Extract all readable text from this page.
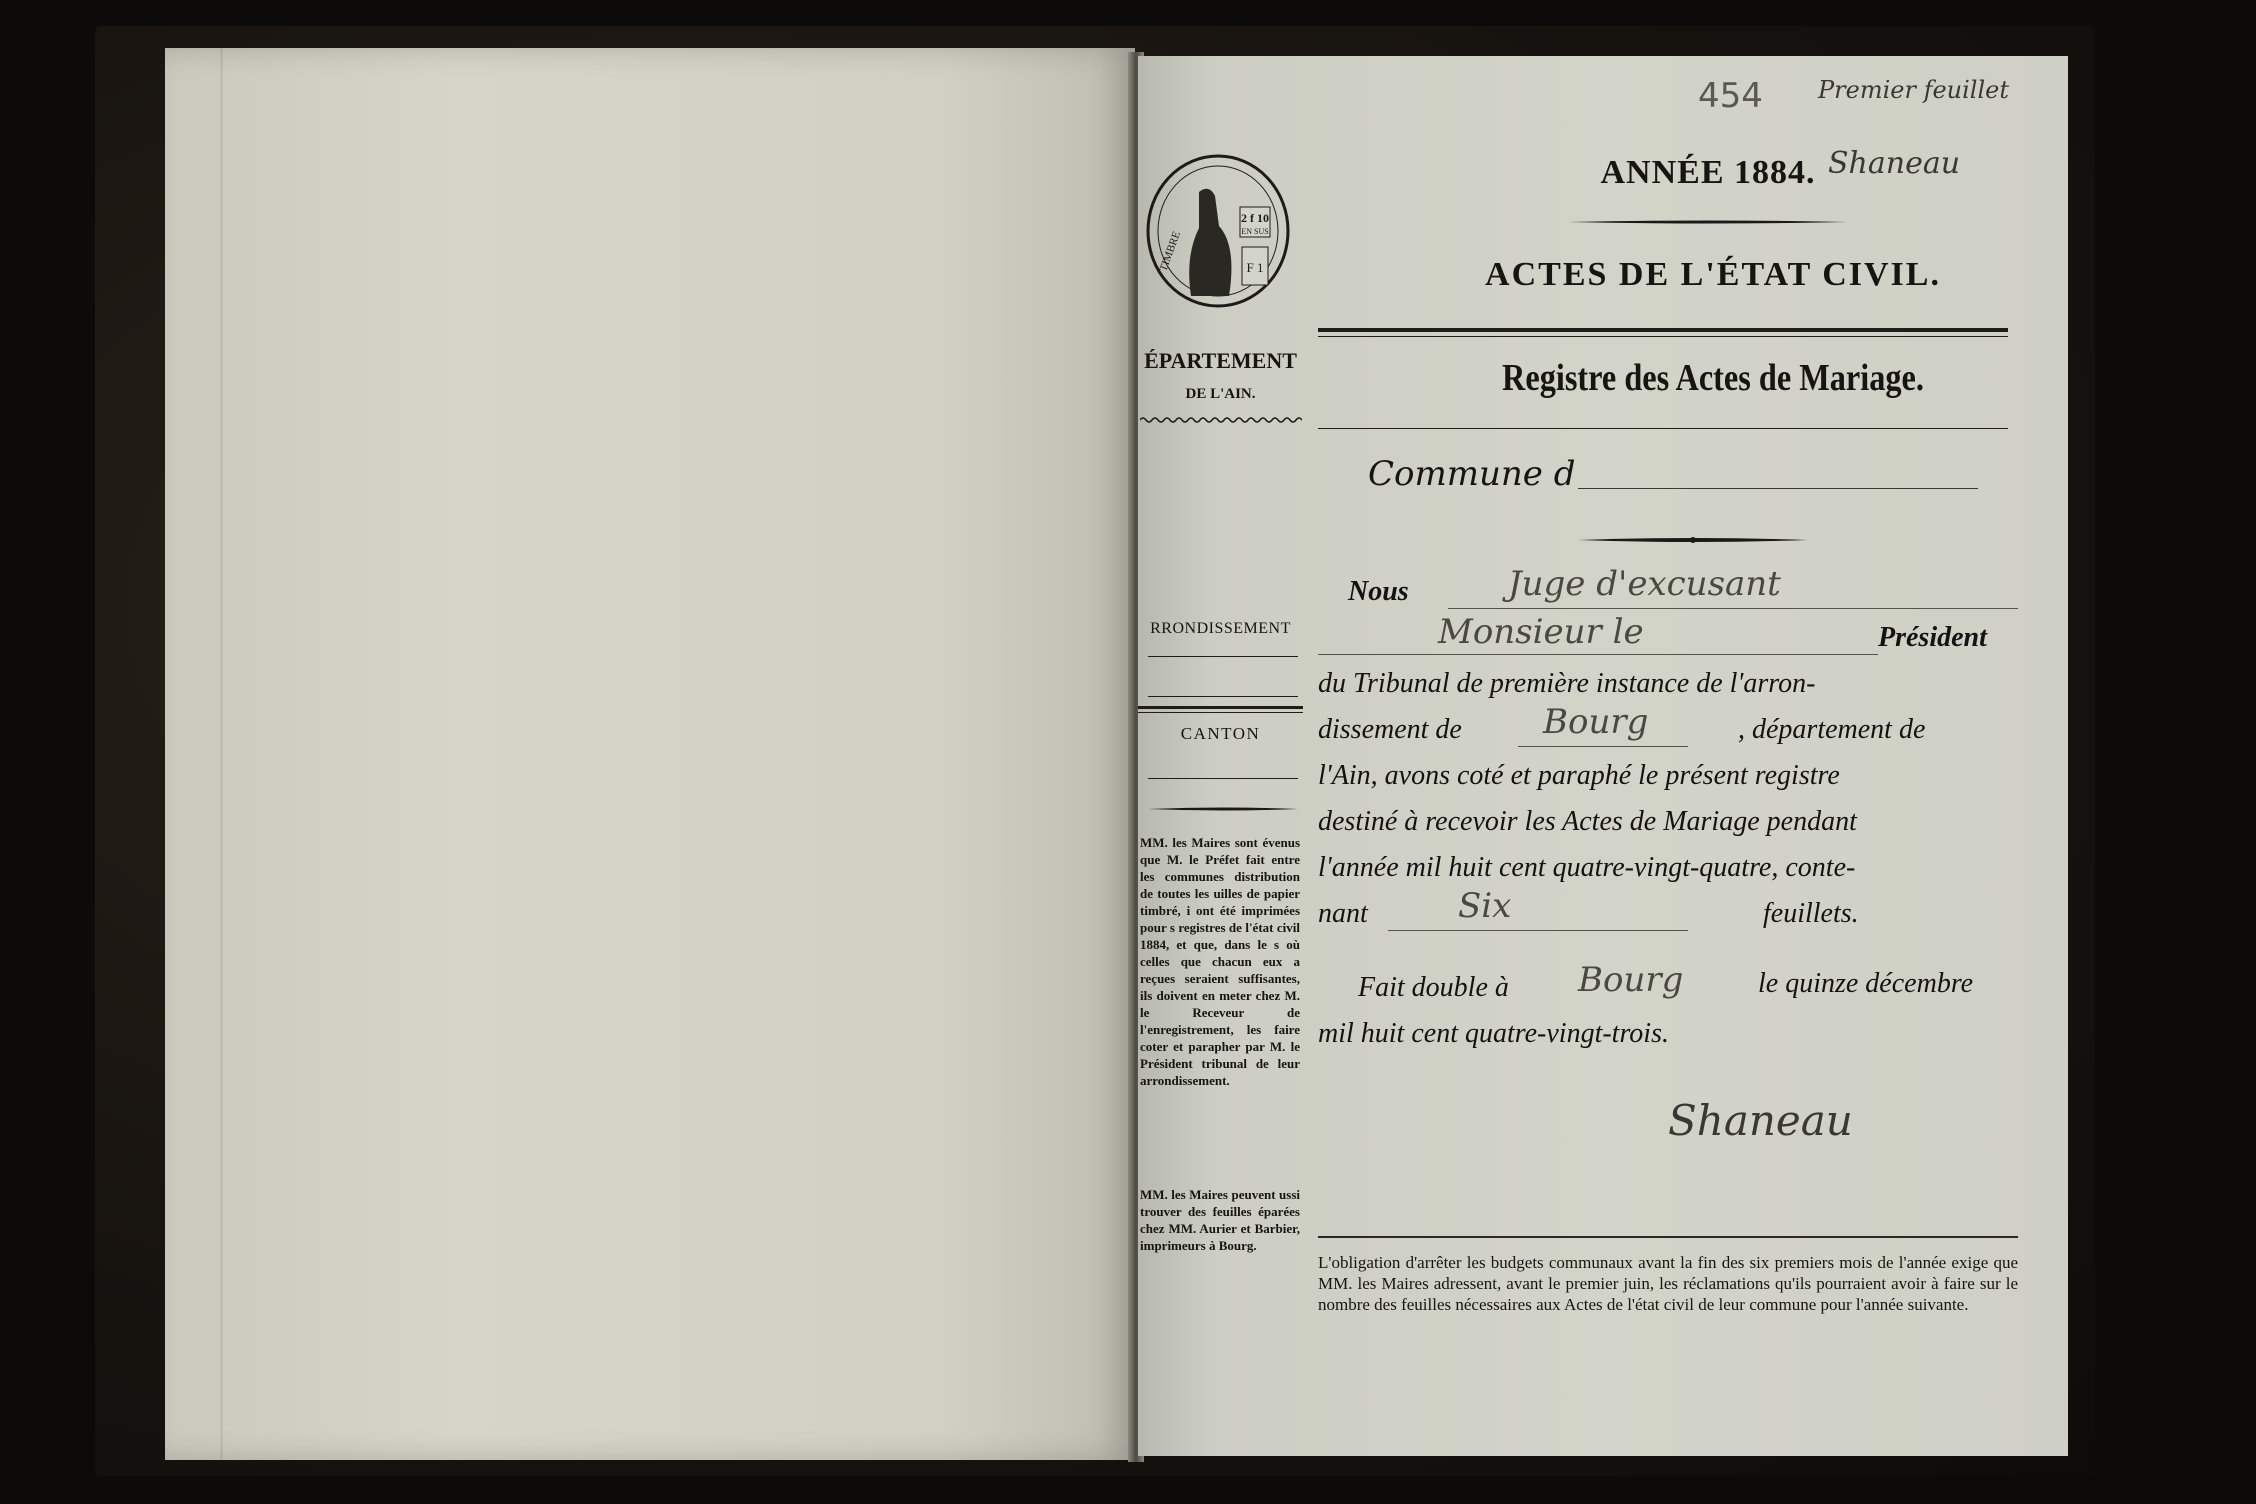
454 Premier feuillet
Shaneau
ANNÉE 1884.
ACTES DE L'ÉTAT CIVIL.
Registre des Actes de Mariage.
2 f 10
EN SUS
F 1
TIMBRE
ÉPARTEMENT
DE L'AIN.
RRONDISSEMENT
CANTON
MM. les Maires sont évenus que M. le Préfet fait entre les communes distribution de toutes les uilles de papier timbré, i ont été imprimées pour s registres de l'état civil 1884, et que, dans le s où celles que chacun eux a reçues seraient suffisantes, ils doivent en meter chez M. le Receveur de l'enregistrement, les faire coter et parapher par M. le Président tribunal de leur arrondissement.
MM. les Maires peuvent ussi trouver des feuilles éparées chez MM. Aurier et Barbier, imprimeurs à Bourg.
Commune d
Nous	Juge d'excusant
Monsieur le	Président
du Tribunal de première instance de l'arron-
dissement de Bourg	, département de
l'Ain, avons coté et paraphé le présent registre
destiné à recevoir les Actes de Mariage pendant
l'année mil huit cent quatre-vingt-quatre, conte-
nant	Six	feuillets.
Fait double à Bourg	le quinze décembre
mil huit cent quatre-vingt-trois.
Shaneau
L'obligation d'arrêter les budgets communaux avant la fin des six premiers mois de l'année exige que MM. les Maires adressent, avant le premier juin, les réclamations qu'ils pourraient avoir à faire sur le nombre des feuilles nécessaires aux Actes de l'état civil de leur commune pour l'année suivante.
